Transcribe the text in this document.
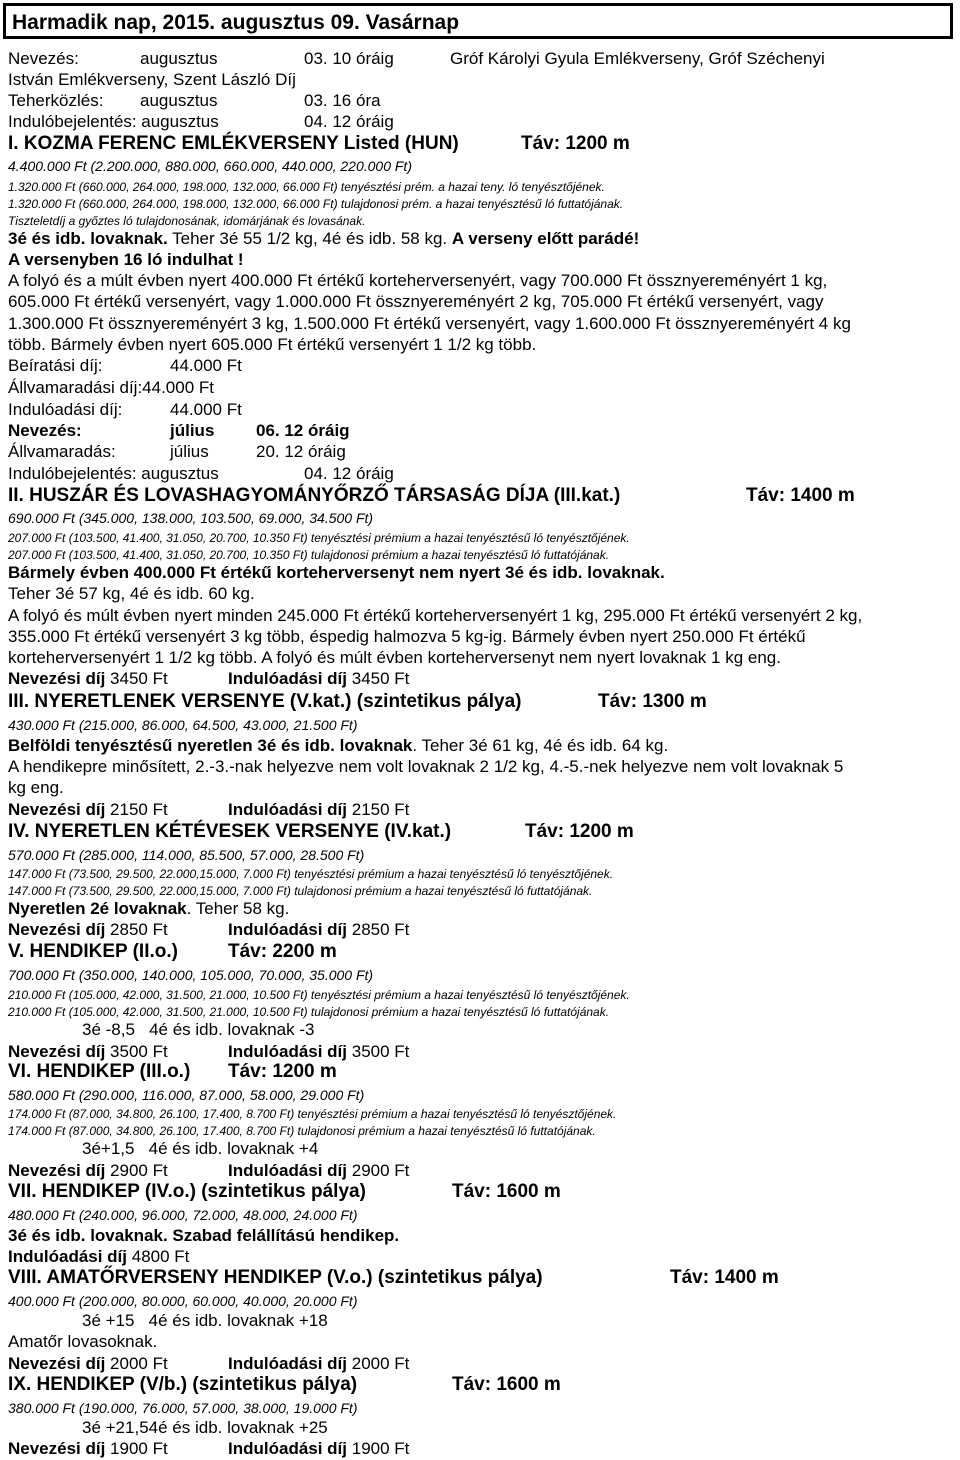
Harmadik nap, 2015. augusztus 09. Vasárnap
Nevezés:	augusztus	03. 10 óráig	Gróf Károlyi Gyula Emlékverseny, Gróf Széchenyi
István Emlékverseny, Szent László Díj
Teherközlés: augusztus	03. 16 óra
Indulóbejelentés: augusztus	04. 12 óráig
I. KOZMA FERENC EMLÉKVERSENY Listed (HUN)	Táv: 1200 m
4.400.000 Ft (2.200.000, 880.000, 660.000, 440.000, 220.000 Ft)
1.320.000 Ft (660.000, 264.000, 198.000, 132.000, 66.000 Ft) tenyésztési prém. a hazai teny. ló tenyésztőjének.
1.320.000 Ft (660.000, 264.000, 198.000, 132.000, 66.000 Ft) tulajdonosi prém. a hazai tenyésztésű ló futtatójának.
Tiszteletdíj a győztes ló tulajdonosának, idomárjának és lovasának.
3é és idb. lovaknak. Teher 3é 55 1/2 kg, 4é és idb. 58 kg. A verseny előtt parádé!
A versenyben 16 ló indulhat !
A folyó és a múlt évben nyert 400.000 Ft értékű korteherversenyért, vagy 700.000 Ft össznyereményért 1 kg,
605.000 Ft értékű versenyért, vagy 1.000.000 Ft össznyereményért 2 kg, 705.000 Ft értékű versenyért, vagy
1.300.000 Ft össznyereményért 3 kg, 1.500.000 Ft értékű versenyért, vagy 1.600.000 Ft össznyereményért 4 kg
több. Bármely évben nyert 605.000 Ft értékű versenyért 1 1/2 kg több.
Beíratási díj:	44.000 Ft
Állvamaradási díj:44.000 Ft
Indulóadási díj:	44.000 Ft
Nevezés:	július 06. 12 óráig
Állvamaradás:	július	20. 12 óráig
Indulóbejelentés: augusztus	04. 12 óráig
II. HUSZÁR ÉS LOVASHAGYOMÁNYŐRZŐ TÁRSASÁG DÍJA (III.kat.)	Táv: 1400 m
690.000 Ft (345.000, 138.000, 103.500, 69.000, 34.500 Ft)
207.000 Ft (103.500, 41.400, 31.050, 20.700, 10.350 Ft) tenyésztési prémium a hazai tenyésztésű ló tenyésztőjének.
207.000 Ft (103.500, 41.400, 31.050, 20.700, 10.350 Ft) tulajdonosi prémium a hazai tenyésztésű ló futtatójának.
Bármely évben 400.000 Ft értékű korteherversenyt nem nyert 3é és idb. lovaknak.
Teher 3é 57 kg, 4é és idb. 60 kg.
A folyó és múlt évben nyert minden 245.000 Ft értékű korteherversenyért 1 kg, 295.000 Ft értékű versenyért 2 kg,
355.000 Ft értékű versenyért 3 kg több, éspedig halmozva 5 kg-ig. Bármely évben nyert 250.000 Ft értékű
korteherversenyért 1 1/2 kg több. A folyó és múlt évben korteherversenyt nem nyert lovaknak 1 kg eng.
Nevezési díj 3450 Ft	Indulóadási díj 3450 Ft
III. NYERETLENEK VERSENYE (V.kat.) (szintetikus pálya)	Táv: 1300 m
430.000 Ft (215.000, 86.000, 64.500, 43.000, 21.500 Ft)
Belföldi tenyésztésű nyeretlen 3é és idb. lovaknak. Teher 3é 61 kg, 4é és idb. 64 kg.
A hendikepre minősített, 2.-3.-nak helyezve nem volt lovaknak 2 1/2 kg, 4.-5.-nek helyezve nem volt lovaknak 5
kg eng.
Nevezési díj 2150 Ft	Indulóadási díj 2150 Ft
IV. NYERETLEN KÉTÉVESEK VERSENYE (IV.kat.)	Táv: 1200 m
570.000 Ft (285.000, 114.000, 85.500, 57.000, 28.500 Ft)
147.000 Ft (73.500, 29.500, 22.000,15.000, 7.000 Ft) tenyésztési prémium a hazai tenyésztésű ló tenyésztőjének.
147.000 Ft (73.500, 29.500, 22.000,15.000, 7.000 Ft) tulajdonosi prémium a hazai tenyésztésű ló futtatójának.
Nyeretlen 2é lovaknak. Teher 58 kg.
Nevezési díj 2850 Ft	Indulóadási díj 2850 Ft
V. HENDIKEP (II.o.)	Táv: 2200 m
700.000 Ft (350.000, 140.000, 105.000, 70.000, 35.000 Ft)
210.000 Ft (105.000, 42.000, 31.500, 21.000, 10.500 Ft) tenyésztési prémium a hazai tenyésztésű ló tenyésztőjének.
210.000 Ft (105.000, 42.000, 31.500, 21.000, 10.500 Ft) tulajdonosi prémium a hazai tenyésztésű ló futtatójának.
3é -8,5   4é és idb. lovaknak -3
Nevezési díj 3500 Ft	Indulóadási díj 3500 Ft
VI. HENDIKEP (III.o.) Táv: 1200 m
580.000 Ft (290.000, 116.000, 87.000, 58.000, 29.000 Ft)
174.000 Ft (87.000, 34.800, 26.100, 17.400, 8.700 Ft) tenyésztési prémium a hazai tenyésztésű ló tenyésztőjének.
174.000 Ft (87.000, 34.800, 26.100, 17.400, 8.700 Ft) tulajdonosi prémium a hazai tenyésztésű ló futtatójának.
3é+1,5   4é és idb. lovaknak +4
Nevezési díj 2900 Ft	Indulóadási díj 2900 Ft
VII. HENDIKEP (IV.o.) (szintetikus pálya)	Táv: 1600 m
480.000 Ft (240.000, 96.000, 72.000, 48.000, 24.000 Ft)
3é és idb. lovaknak. Szabad felállítású hendikep.
Indulóadási díj 4800 Ft
VIII. AMATŐRVERSENY HENDIKEP (V.o.) (szintetikus pálya)	Táv: 1400 m
400.000 Ft (200.000, 80.000, 60.000, 40.000, 20.000 Ft)
3é +15   4é és idb. lovaknak +18
Amatőr lovasoknak.
Nevezési díj 2000 Ft	Indulóadási díj 2000 Ft
IX. HENDIKEP (V/b.) (szintetikus pálya)	Táv: 1600 m
380.000 Ft (190.000, 76.000, 57.000, 38.000, 19.000 Ft)
3é +21,54é és idb. lovaknak +25
Nevezési díj 1900 Ft	Indulóadási díj 1900 Ft
